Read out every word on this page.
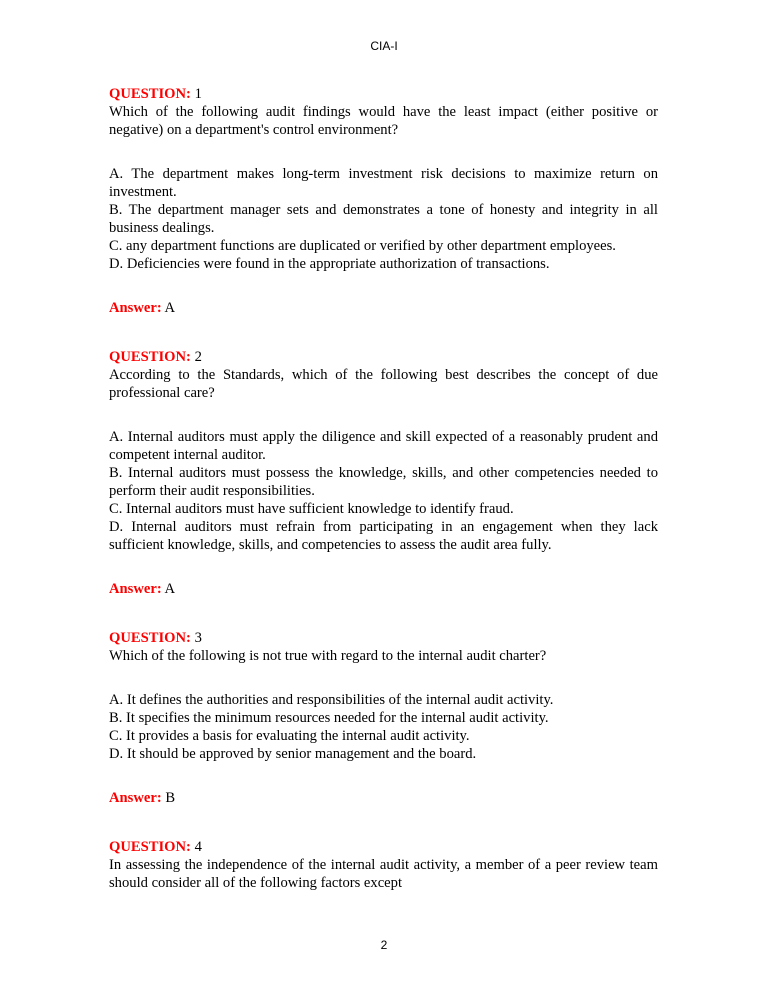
CIA-I
QUESTION: 1
Which of the following audit findings would have the least impact (either positive or negative) on a department's control environment?
A. The department makes long-term investment risk decisions to maximize return on investment.
B. The department manager sets and demonstrates a tone of honesty and integrity in all business dealings.
C. any department functions are duplicated or verified by other department employees.
D. Deficiencies were found in the appropriate authorization of transactions.
Answer: A
QUESTION: 2
According to the Standards, which of the following best describes the concept of due professional care?
A. Internal auditors must apply the diligence and skill expected of a reasonably prudent and competent internal auditor.
B. Internal auditors must possess the knowledge, skills, and other competencies needed to perform their audit responsibilities.
C. Internal auditors must have sufficient knowledge to identify fraud.
D. Internal auditors must refrain from participating in an engagement when they lack sufficient knowledge, skills, and competencies to assess the audit area fully.
Answer: A
QUESTION: 3
Which of the following is not true with regard to the internal audit charter?
A. It defines the authorities and responsibilities of the internal audit activity.
B. It specifies the minimum resources needed for the internal audit activity.
C. It provides a basis for evaluating the internal audit activity.
D. It should be approved by senior management and the board.
Answer: B
QUESTION: 4
In assessing the independence of the internal audit activity, a member of a peer review team should consider all of the following factors except
2
